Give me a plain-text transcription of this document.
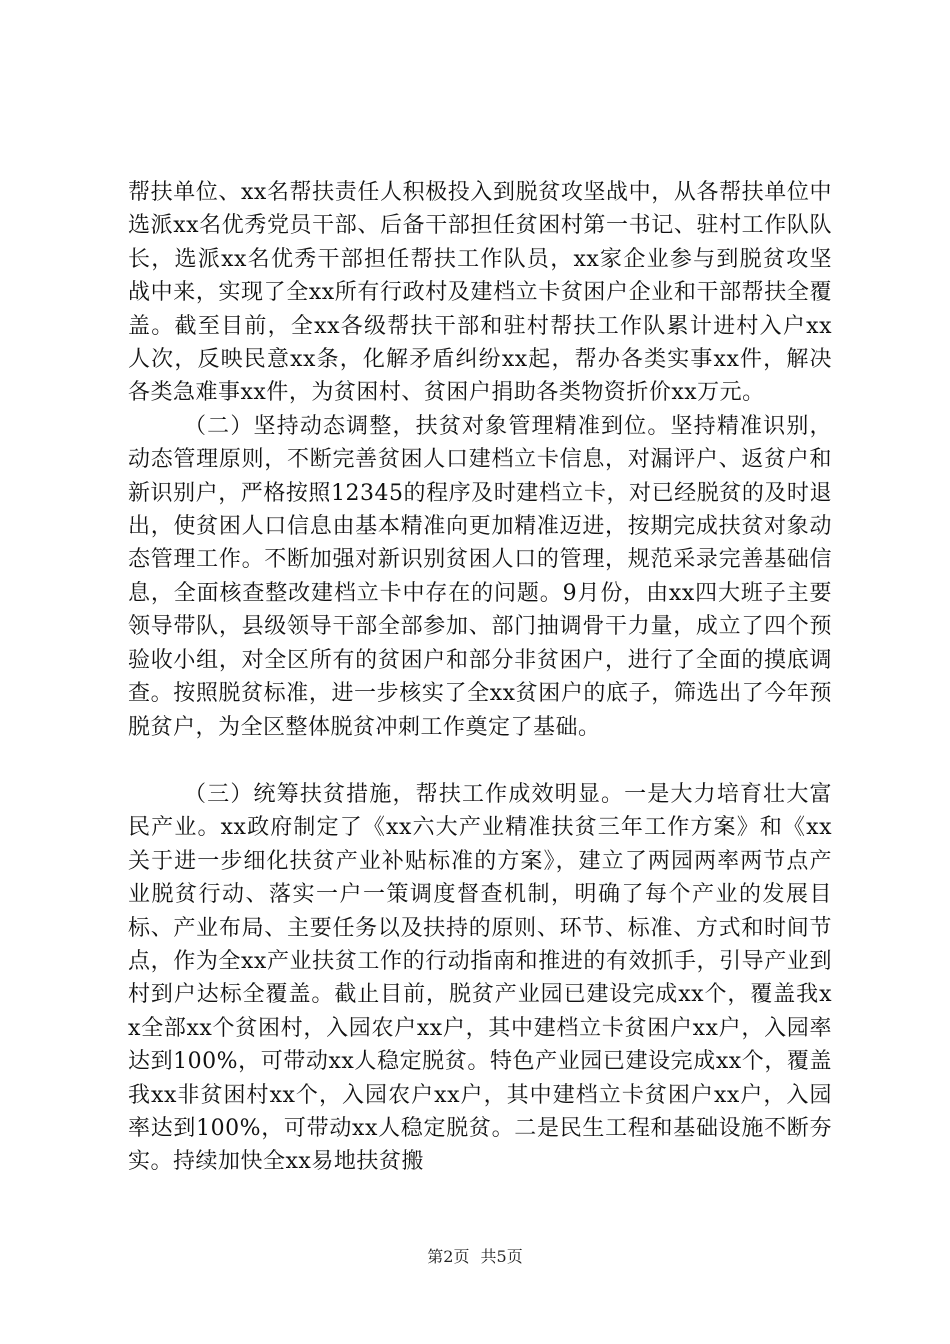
帮扶单位、xx名帮扶责任人积极投入到脱贫攻坚战中，从各帮扶单位中选派xx名优秀党员干部、后备干部担任贫困村第一书记、驻村工作队队长，选派xx名优秀干部担任帮扶工作队员，xx家企业参与到脱贫攻坚战中来，实现了全xx所有行政村及建档立卡贫困户企业和干部帮扶全覆盖。截至目前，全xx各级帮扶干部和驻村帮扶工作队累计进村入户xx人次，反映民意xx条，化解矛盾纠纷xx起，帮办各类实事xx件，解决各类急难事xx件，为贫困村、贫困户捐助各类物资折价xx万元。

（二）坚持动态调整，扶贫对象管理精准到位。坚持精准识别，动态管理原则，不断完善贫困人口建档立卡信息，对漏评户、返贫户和新识别户，严格按照12345的程序及时建档立卡，对已经脱贫的及时退出，使贫困人口信息由基本精准向更加精准迈进，按期完成扶贫对象动态管理工作。不断加强对新识别贫困人口的管理，规范采录完善基础信息，全面核查整改建档立卡中存在的问题。9月份，由xx四大班子主要领导带队，县级领导干部全部参加、部门抽调骨干力量，成立了四个预验收小组，对全区所有的贫困户和部分非贫困户，进行了全面的摸底调查。按照脱贫标准，进一步核实了全xx贫困户的底子，筛选出了今年预脱贫户，为全区整体脱贫冲刺工作奠定了基础。

（三）统筹扶贫措施，帮扶工作成效明显。一是大力培育壮大富民产业。xx政府制定了《xx六大产业精准扶贫三年工作方案》和《xx关于进一步细化扶贫产业补贴标准的方案》，建立了两园两率两节点产业脱贫行动、落实一户一策调度督查机制，明确了每个产业的发展目标、产业布局、主要任务以及扶持的原则、环节、标准、方式和时间节点，作为全xx产业扶贫工作的行动指南和推进的有效抓手，引导产业到村到户达标全覆盖。截止目前，脱贫产业园已建设完成xx个，覆盖我xx全部xx个贫困村，入园农户xx户，其中建档立卡贫困户xx户，入园率达到100%，可带动xx人稳定脱贫。特色产业园已建设完成xx个，覆盖我xx非贫困村xx个，入园农户xx户，其中建档立卡贫困户xx户，入园率达到100%，可带动xx人稳定脱贫。二是民生工程和基础设施不断夯实。持续加快全xx易地扶贫搬

第2页 共5页
